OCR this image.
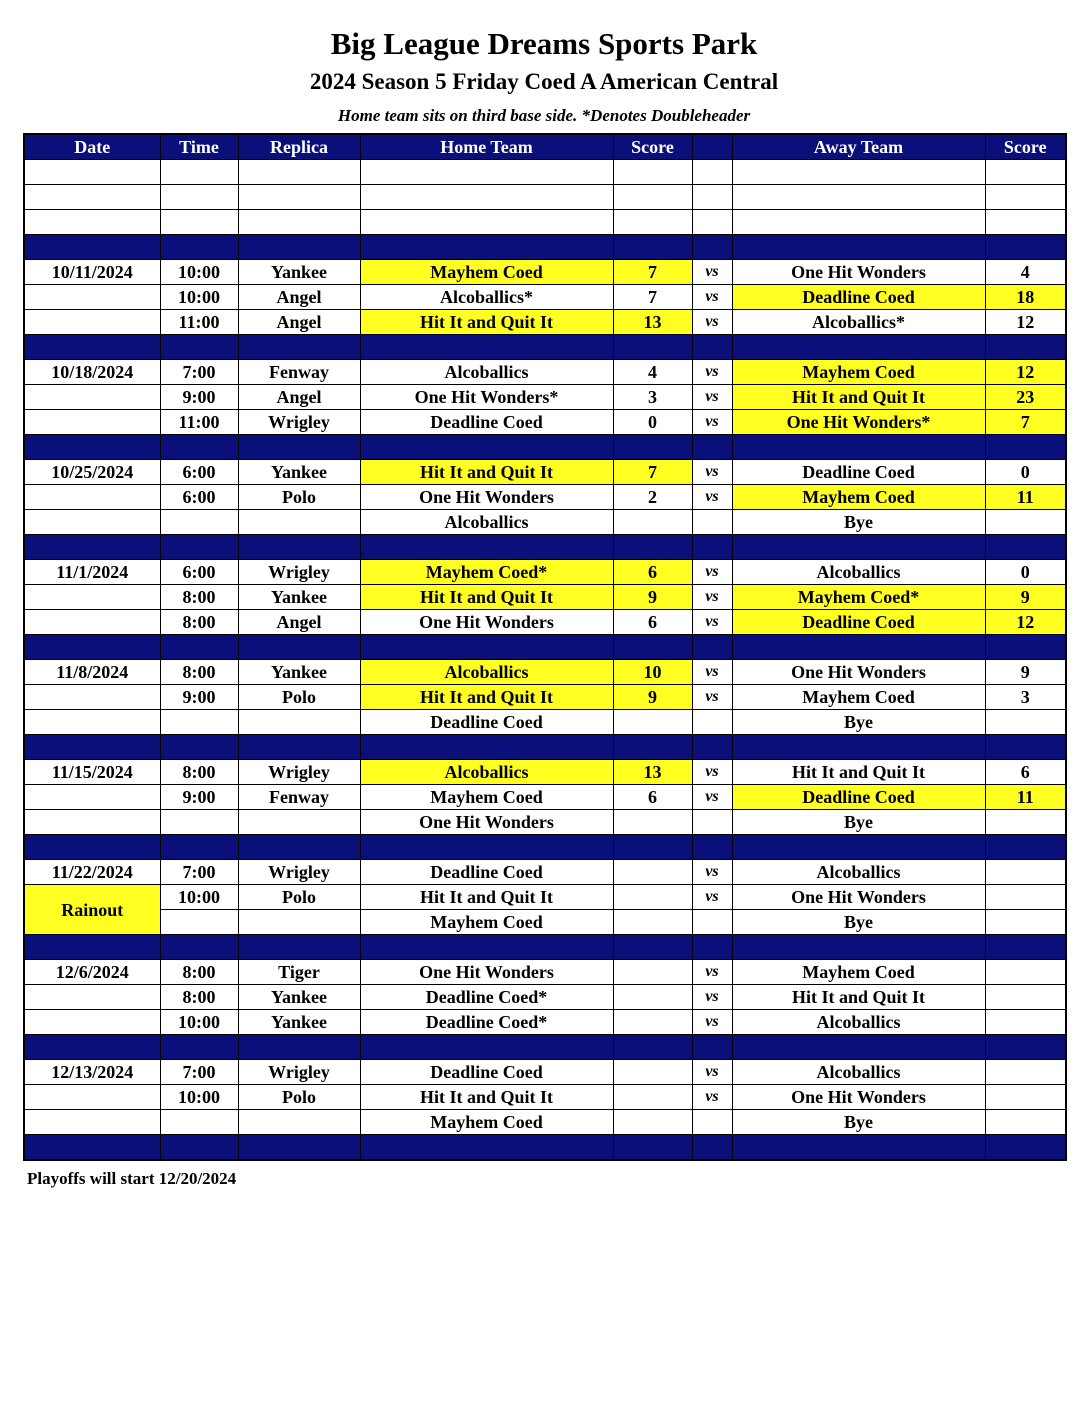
Big League Dreams Sports Park
2024 Season 5 Friday Coed A American Central
Home team sits on third base side. *Denotes Doubleheader
Date	Time	Replica	Home Team	Score		Away Team	Score

10/11/2024	10:00	Yankee	Mayhem Coed	7	vs	One Hit Wonders	4
	10:00	Angel	Alcoballics*	7	vs	Deadline Coed	18
	11:00	Angel	Hit It and Quit It	13	vs	Alcoballics*	12

10/18/2024	7:00	Fenway	Alcoballics	4	vs	Mayhem Coed	12
	9:00	Angel	One Hit Wonders*	3	vs	Hit It and Quit It	23
	11:00	Wrigley	Deadline Coed	0	vs	One Hit Wonders*	7

10/25/2024	6:00	Yankee	Hit It and Quit It	7	vs	Deadline Coed	0
	6:00	Polo	One Hit Wonders	2	vs	Mayhem Coed	11
			Alcoballics			Bye	

11/1/2024	6:00	Wrigley	Mayhem Coed*	6	vs	Alcoballics	0
	8:00	Yankee	Hit It and Quit It	9	vs	Mayhem Coed*	9
	8:00	Angel	One Hit Wonders	6	vs	Deadline Coed	12

11/8/2024	8:00	Yankee	Alcoballics	10	vs	One Hit Wonders	9
	9:00	Polo	Hit It and Quit It	9	vs	Mayhem Coed	3
			Deadline Coed			Bye	

11/15/2024	8:00	Wrigley	Alcoballics	13	vs	Hit It and Quit It	6
	9:00	Fenway	Mayhem Coed	6	vs	Deadline Coed	11
			One Hit Wonders			Bye	

11/22/2024	7:00	Wrigley	Deadline Coed		vs	Alcoballics	
Rainout	10:00	Polo	Hit It and Quit It		vs	One Hit Wonders	
			Mayhem Coed			Bye	

12/6/2024	8:00	Tiger	One Hit Wonders		vs	Mayhem Coed	
	8:00	Yankee	Deadline Coed*		vs	Hit It and Quit It	
	10:00	Yankee	Deadline Coed*		vs	Alcoballics	

12/13/2024	7:00	Wrigley	Deadline Coed		vs	Alcoballics	
	10:00	Polo	Hit It and Quit It		vs	One Hit Wonders	
			Mayhem Coed			Bye	

Playoffs will start 12/20/2024
